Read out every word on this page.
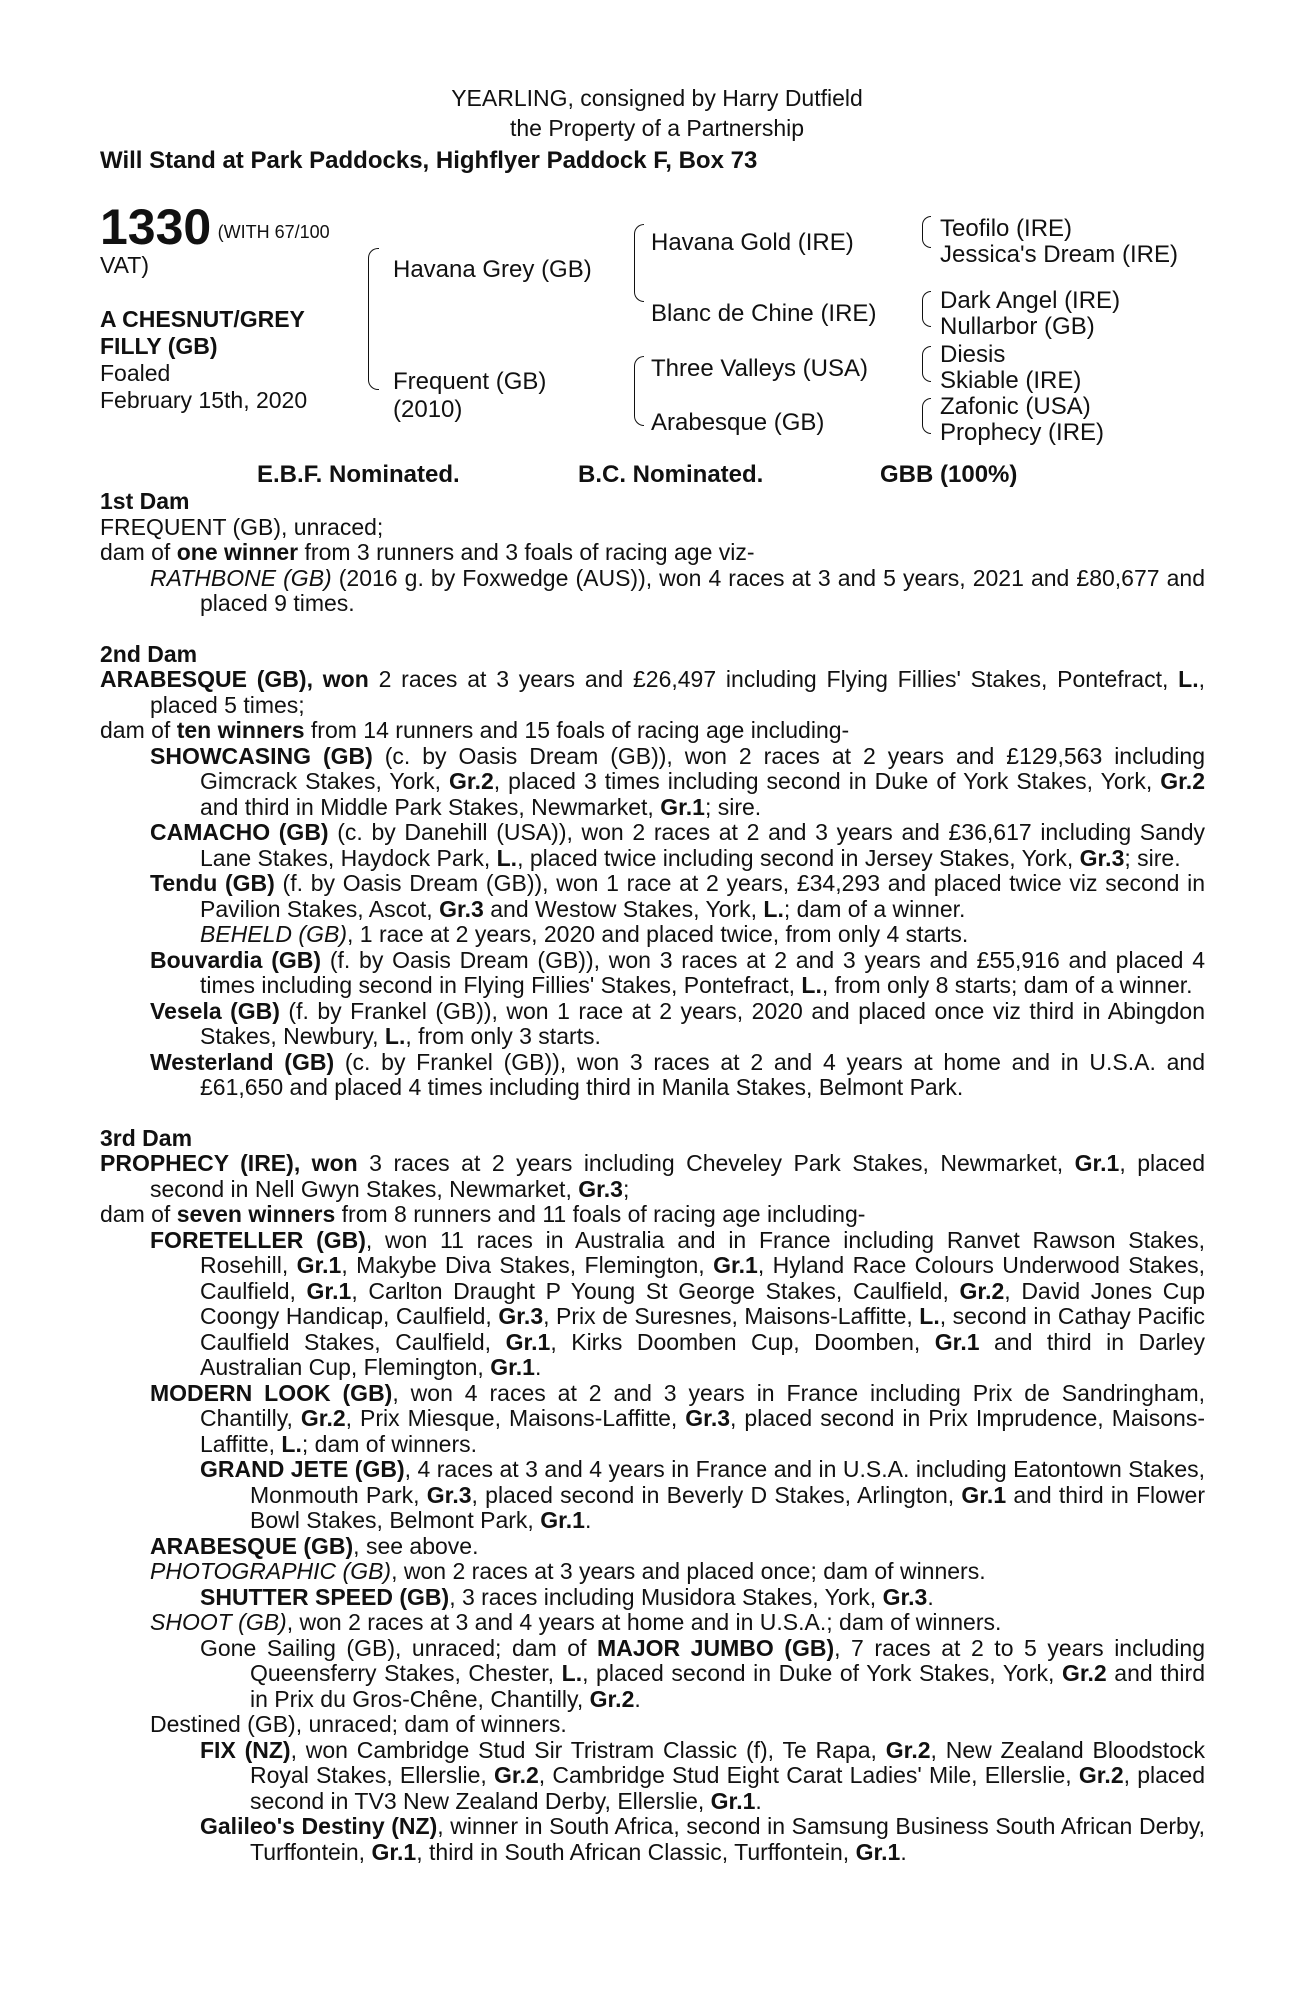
YEARLING, consigned by Harry Dutfield
the Property of a Partnership
Will Stand at Park Paddocks, Highflyer Paddock F, Box 73
1330 $^{(WITH 67/100}$
VAT)
A CHESNUT/GREY
FILLY (GB)
Foaled
February 15th, 2020
Havana Grey (GB)
Frequent (GB)
(2010)
Havana Gold (IRE)
Blanc de Chine (IRE)
Three Valleys (USA)
Arabesque (GB)
Teofilo (IRE)
Jessica's Dream (IRE)
Dark Angel (IRE)
Nullarbor (GB)
Diesis
Skiable (IRE)
Zafonic (USA)
Prophecy (IRE)
E.B.F. Nominated.	B.C. Nominated.	GBB (100%)
1st Dam

FREQUENT (GB), unraced;

dam of one winner from 3 runners and 3 foals of racing age viz-

RATHBONE (GB) (2016 g. by Foxwedge (AUS)), won 4 races at 3 and 5 years, 2021 and £80,677 and placed 9 times.

2nd Dam

ARABESQUE (GB), won 2 races at 3 years and £26,497 including Flying Fillies' Stakes, Pontefract, L., placed 5 times;

dam of ten winners from 14 runners and 15 foals of racing age including-

SHOWCASING (GB) (c. by Oasis Dream (GB)), won 2 races at 2 years and £129,563 including Gimcrack Stakes, York, Gr.2, placed 3 times including second in Duke of York Stakes, York, Gr.2 and third in Middle Park Stakes, Newmarket, Gr.1; sire.

CAMACHO (GB) (c. by Danehill (USA)), won 2 races at 2 and 3 years and £36,617 including Sandy Lane Stakes, Haydock Park, L., placed twice including second in Jersey Stakes, York, Gr.3; sire.

Tendu (GB) (f. by Oasis Dream (GB)), won 1 race at 2 years, £34,293 and placed twice viz second in Pavilion Stakes, Ascot, Gr.3 and Westow Stakes, York, L.; dam of a winner.

BEHELD (GB), 1 race at 2 years, 2020 and placed twice, from only 4 starts.

Bouvardia (GB) (f. by Oasis Dream (GB)), won 3 races at 2 and 3 years and £55,916 and placed 4 times including second in Flying Fillies' Stakes, Pontefract, L., from only 8 starts; dam of a winner.

Vesela (GB) (f. by Frankel (GB)), won 1 race at 2 years, 2020 and placed once viz third in Abingdon Stakes, Newbury, L., from only 3 starts.

Westerland (GB) (c. by Frankel (GB)), won 3 races at 2 and 4 years at home and in U.S.A. and £61,650 and placed 4 times including third in Manila Stakes, Belmont Park.

3rd Dam

PROPHECY (IRE), won 3 races at 2 years including Cheveley Park Stakes, Newmarket, Gr.1, placed second in Nell Gwyn Stakes, Newmarket, Gr.3;

dam of seven winners from 8 runners and 11 foals of racing age including-

FORETELLER (GB), won 11 races in Australia and in France including Ranvet Rawson Stakes, Rosehill, Gr.1, Makybe Diva Stakes, Flemington, Gr.1, Hyland Race Colours Underwood Stakes, Caulfield, Gr.1, Carlton Draught P Young St George Stakes, Caulfield, Gr.2, David Jones Cup Coongy Handicap, Caulfield, Gr.3, Prix de Suresnes, Maisons-Laffitte, L., second in Cathay Pacific Caulfield Stakes, Caulfield, Gr.1, Kirks Doomben Cup, Doomben, Gr.1 and third in Darley Australian Cup, Flemington, Gr.1.

MODERN LOOK (GB), won 4 races at 2 and 3 years in France including Prix de Sandringham, Chantilly, Gr.2, Prix Miesque, Maisons-Laffitte, Gr.3, placed second in Prix Imprudence, Maisons-Laffitte, L.; dam of winners.

GRAND JETE (GB), 4 races at 3 and 4 years in France and in U.S.A. including Eatontown Stakes, Monmouth Park, Gr.3, placed second in Beverly D Stakes, Arlington, Gr.1 and third in Flower Bowl Stakes, Belmont Park, Gr.1.

ARABESQUE (GB), see above.

PHOTOGRAPHIC (GB), won 2 races at 3 years and placed once; dam of winners.

SHUTTER SPEED (GB), 3 races including Musidora Stakes, York, Gr.3.

SHOOT (GB), won 2 races at 3 and 4 years at home and in U.S.A.; dam of winners.

Gone Sailing (GB), unraced; dam of MAJOR JUMBO (GB), 7 races at 2 to 5 years including Queensferry Stakes, Chester, L., placed second in Duke of York Stakes, York, Gr.2 and third in Prix du Gros-Chêne, Chantilly, Gr.2.

Destined (GB), unraced; dam of winners.

FIX (NZ), won Cambridge Stud Sir Tristram Classic (f), Te Rapa, Gr.2, New Zealand Bloodstock Royal Stakes, Ellerslie, Gr.2, Cambridge Stud Eight Carat Ladies' Mile, Ellerslie, Gr.2, placed second in TV3 New Zealand Derby, Ellerslie, Gr.1.

Galileo's Destiny (NZ), winner in South Africa, second in Samsung Business South African Derby, Turffontein, Gr.1, third in South African Classic, Turffontein, Gr.1.
